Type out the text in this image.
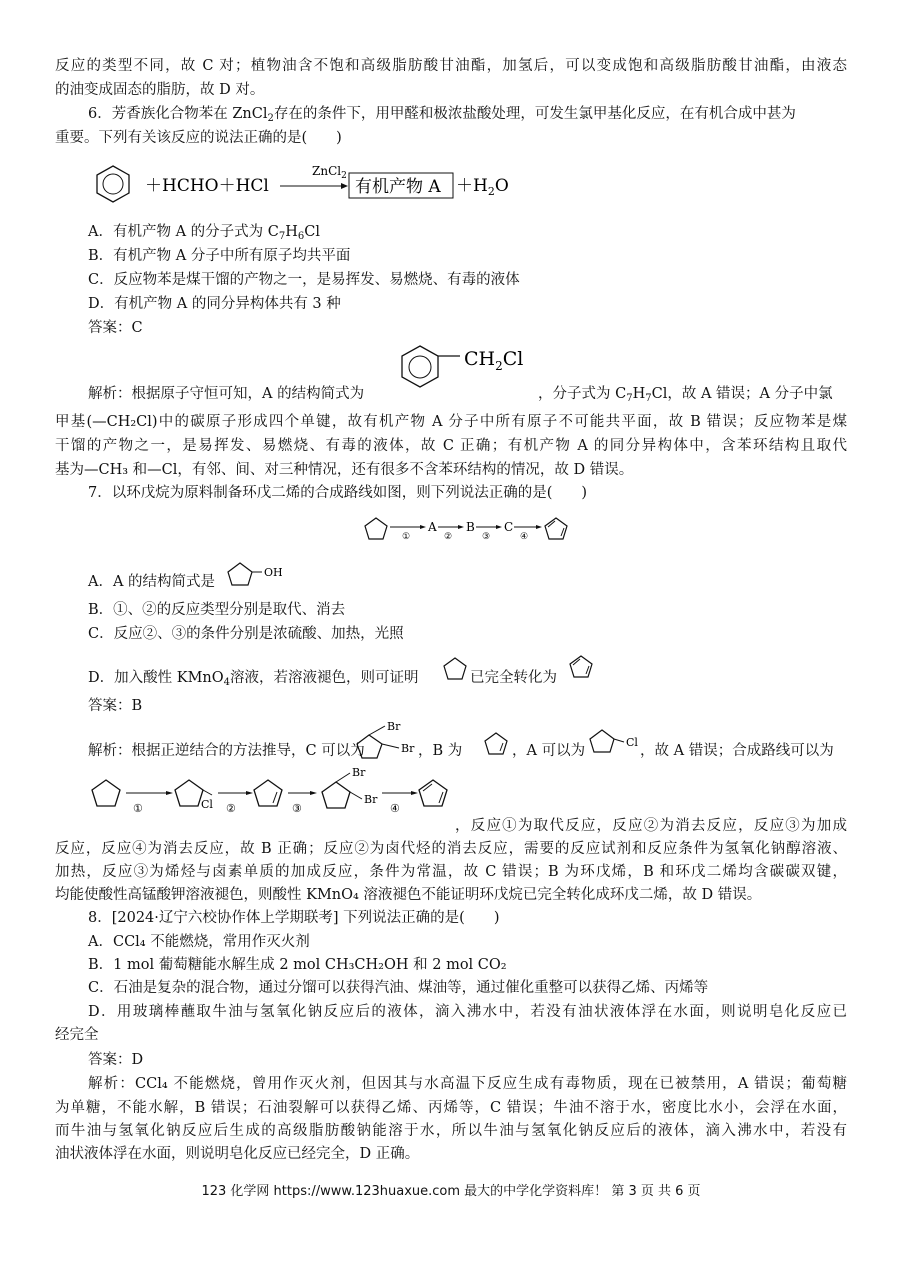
反应的类型不同，故 C 对；植物油含不饱和高级脂肪酸甘油酯，加氢后，可以变成饱和高级脂肪酸甘油酯，由液态
的油变成固态的脂肪，故 D 对。
6．芳香族化合物苯在 ZnCl$_2$存在的条件下，用甲醛和极浓盐酸处理，可发生氯甲基化反应，在有机合成中甚为
重要。下列有关该反应的说法正确的是(　　)
＋HCHO＋HCl
ZnCl$_2$
有机产物 $A +H_2O$
A．有机产物 A 的分子式为 $C_7H_6Cl$
B．有机产物 A 分子中所有原子均共平面
C．反应物苯是煤干馏的产物之一，是易挥发、易燃烧、有毒的液体
D．有机产物 A 的同分异构体共有 3 种
答案：C
$CH_2Cl$
解析：根据原子守恒可知，A 的结构简式为	，分子式为 $C_7H_7Cl$，故 A 错误；A 分子中氯
甲基(—CH₂Cl)中的碳原子形成四个单键，故有机产物 A 分子中所有原子不可能共平面，故 B 错误；反应物苯是煤
干馏的产物之一，是易挥发、易燃烧、有毒的液体，故 C 正确；有机产物 A 的同分异构体中，含苯环结构且取代
基为—CH₃ 和—Cl，有邻、间、对三种情况，还有很多不含苯环结构的情况，故 D 错误。
7．以环戊烷为原料制备环戊二烯的合成路线如图，则下列说法正确的是(　　)
①
A
②
B
③
C
④
A．A 的结构简式是
OH
B．①、②的反应类型分别是取代、消去
C．反应②、③的条件分别是浓硫酸、加热，光照
D．加入酸性 KMnO$_4$溶液，若溶液褪色，则可证明	已完全转化为
答案：B
解析：根据正逆结合的方法推导，C 可以为
Br
Br ，B 为	，A 可以为
Cl
，故 A 错误；合成路线可以为
①	Cl ②	③
Br
Br
④
，反应①为取代反应，反应②为消去反应，反应③为加成
反应，反应④为消去反应，故 B 正确；反应②为卤代烃的消去反应，需要的反应试剂和反应条件为氢氧化钠醇溶液、
加热，反应③为烯烃与卤素单质的加成反应，条件为常温，故 C 错误；B 为环戊烯，B 和环戊二烯均含碳碳双键，
均能使酸性高锰酸钾溶液褪色，则酸性 KMnO₄ 溶液褪色不能证明环戊烷已完全转化成环戊二烯，故 D 错误。
8．[2024·辽宁六校协作体上学期联考] 下列说法正确的是(　　)
A．CCl₄ 不能燃烧，常用作灭火剂
B．1 mol 葡萄糖能水解生成 2 mol CH₃CH₂OH 和 2 mol CO₂
C．石油是复杂的混合物，通过分馏可以获得汽油、煤油等，通过催化重整可以获得乙烯、丙烯等
D．用玻璃棒蘸取牛油与氢氧化钠反应后的液体，滴入沸水中，若没有油状液体浮在水面，则说明皂化反应已
经完全
答案：D
解析：CCl₄ 不能燃烧，曾用作灭火剂，但因其与水高温下反应生成有毒物质，现在已被禁用，A 错误；葡萄糖
为单糖，不能水解，B 错误；石油裂解可以获得乙烯、丙烯等，C 错误；牛油不溶于水，密度比水小，会浮在水面，
而牛油与氢氧化钠反应后生成的高级脂肪酸钠能溶于水，所以牛油与氢氧化钠反应后的液体，滴入沸水中，若没有
油状液体浮在水面，则说明皂化反应已经完全，D 正确。
123 化学网 https://www.123huaxue.com 最大的中学化学资料库！ 第 3 页 共 6 页
